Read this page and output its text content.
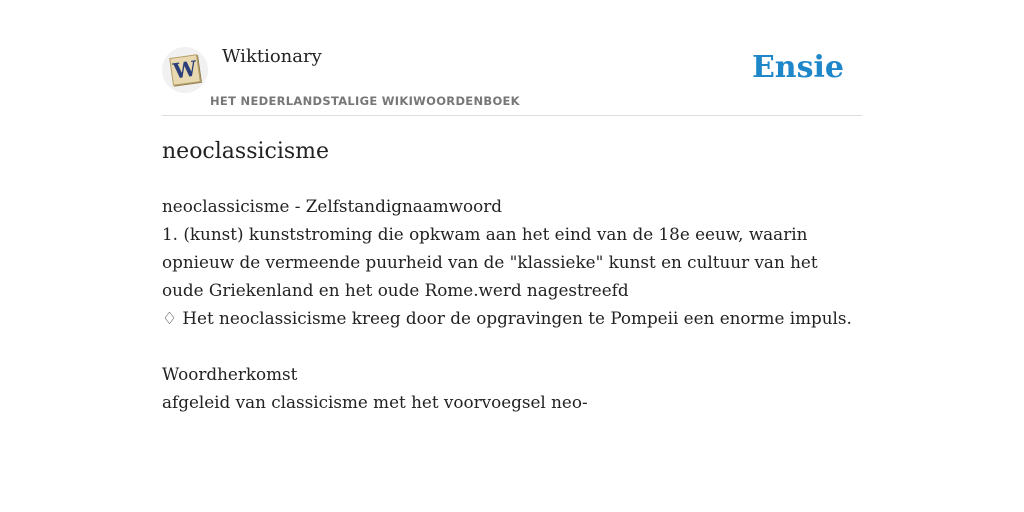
W Wiktionary
HET NEDERLANDSTALIGE WIKIWOORDENBOEK
Ensie
neoclassicisme
neoclassicisme - Zelfstandignaamwoord
1. (kunst) kunststroming die opkwam aan het eind van de 18e eeuw, waarin
opnieuw de vermeende puurheid van de "klassieke" kunst en cultuur van het
oude Griekenland en het oude Rome.werd nagestreefd
♢ Het neoclassicisme kreeg door de opgravingen te Pompeii een enorme impuls.
Woordherkomst
afgeleid van classicisme met het voorvoegsel neo-
